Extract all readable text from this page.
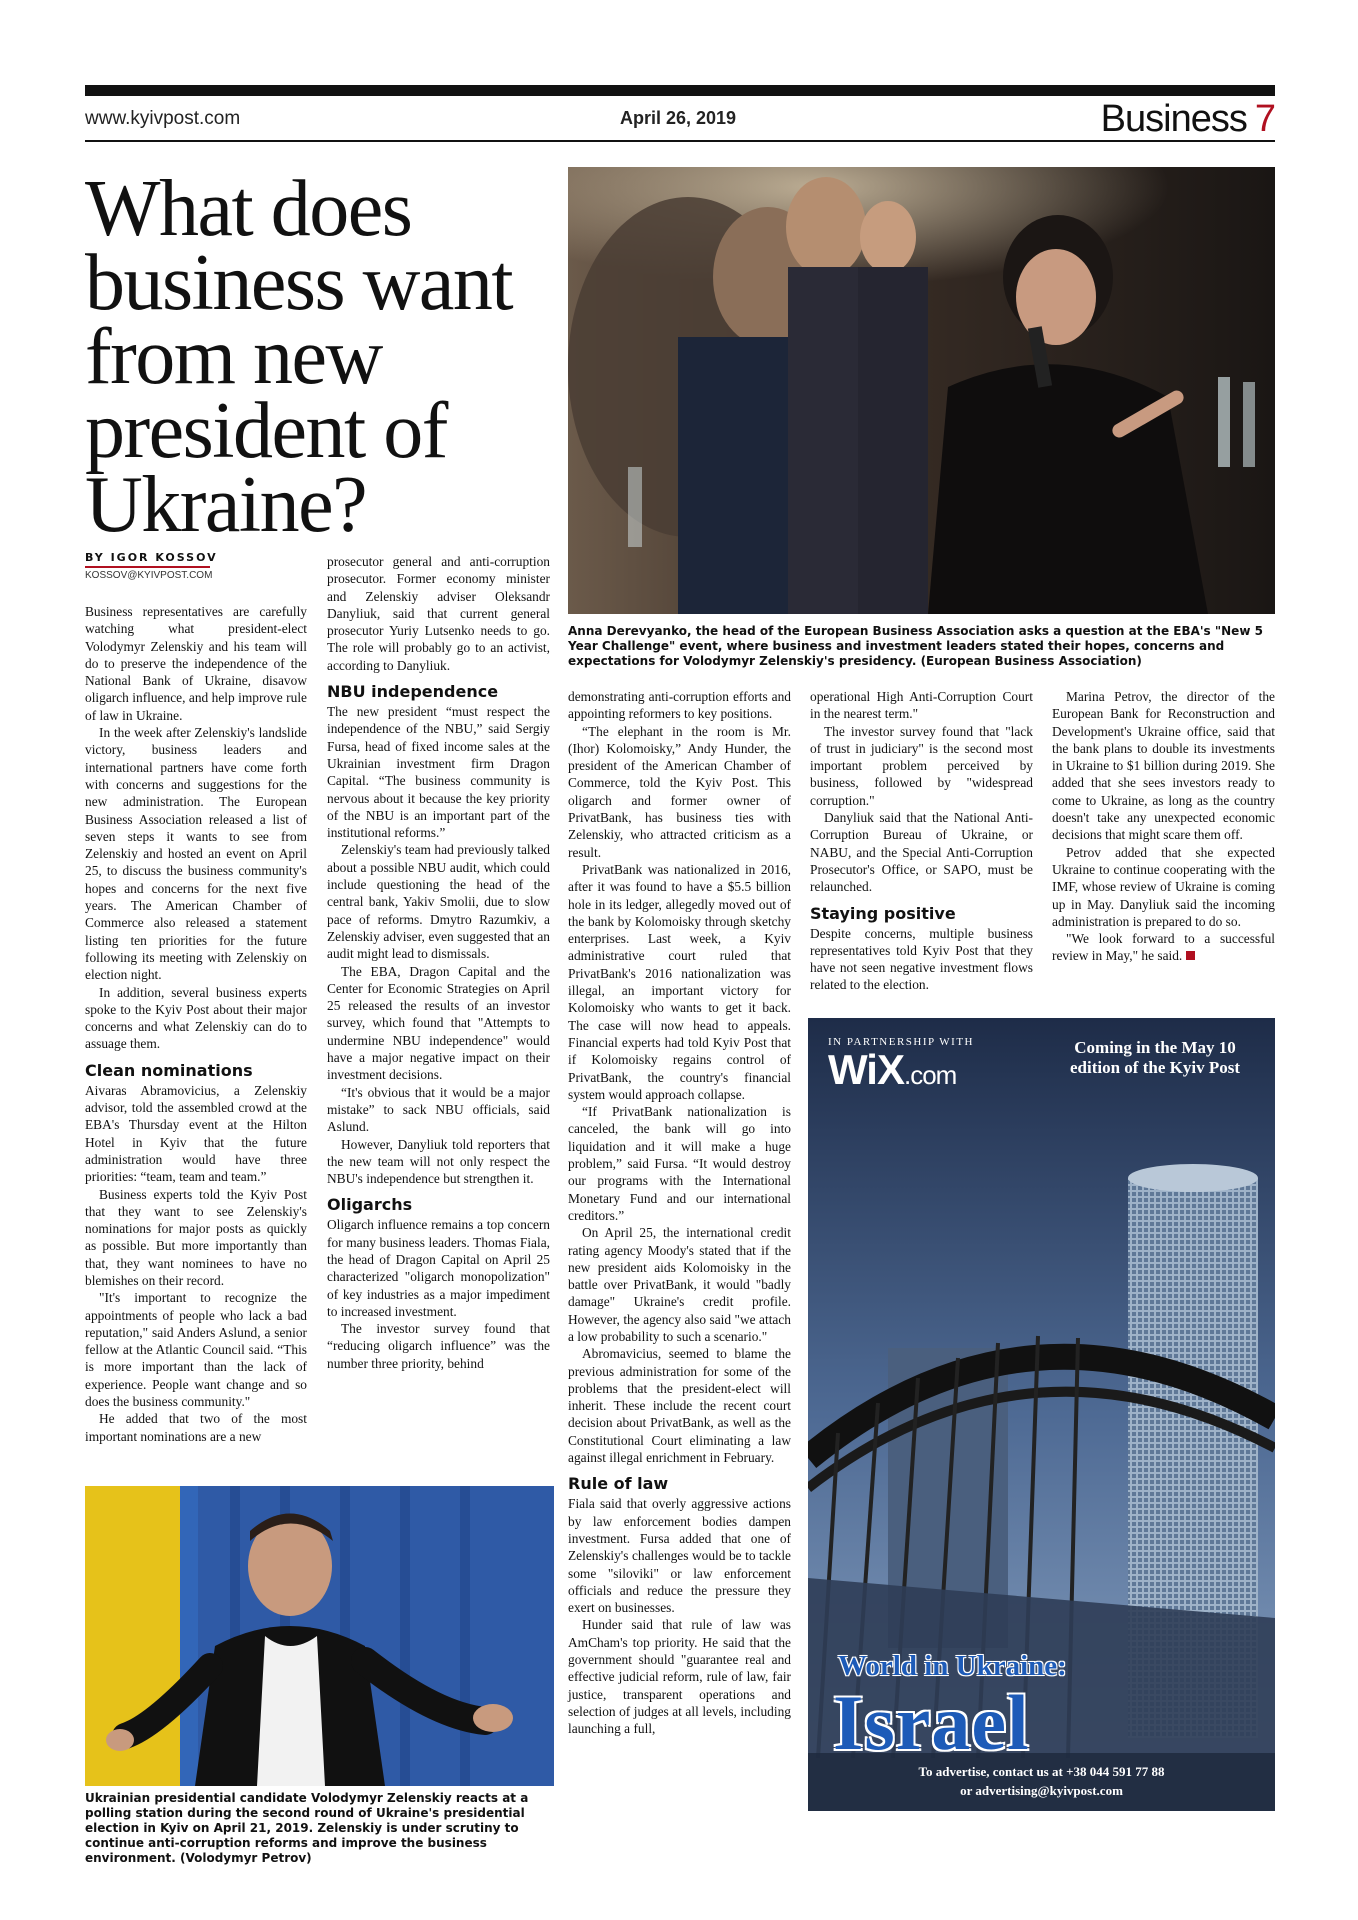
www.kyivpost.com	April 26, 2019	Business 7
What does business want from new president of Ukraine?
Anna Derevyanko, the head of the European Business Association asks a question at the EBA's "New 5 Year Challenge" event, where business and investment leaders stated their hopes, concerns and expectations for Volodymyr Zelenskiy's presidency. (European Business Association)
BY IGOR KOSSOV
KOSSOV@KYIVPOST.COM

Business representatives are carefully watching what president-elect Volodymyr Zelenskiy and his team will do to preserve the independence of the National Bank of Ukraine, disavow oligarch influence, and help improve rule of law in Ukraine.

In the week after Zelenskiy's landslide victory, business leaders and international partners have come forth with concerns and suggestions for the new administration. The European Business Association released a list of seven steps it wants to see from Zelenskiy and hosted an event on April 25, to discuss the business community's hopes and concerns for the next five years. The American Chamber of Commerce also released a statement listing ten priorities for the future following its meeting with Zelenskiy on election night.

In addition, several business experts spoke to the Kyiv Post about their major concerns and what Zelenskiy can do to assuage them.

Clean nominations

Aivaras Abramovicius, a Zelenskiy advisor, told the assembled crowd at the EBA's Thursday event at the Hilton Hotel in Kyiv that the future administration would have three priorities: “team, team and team.”

Business experts told the Kyiv Post that they want to see Zelenskiy's nominations for major posts as quickly as possible. But more importantly than that, they want nominees to have no blemishes on their record.

"It's important to recognize the appointments of people who lack a bad reputation," said Anders Aslund, a senior fellow at the Atlantic Council said. “This is more important than the lack of experience. People want change and so does the business community."

He added that two of the most important nominations are a new

prosecutor general and anti-corruption prosecutor. Former economy minister and Zelenskiy adviser Oleksandr Danyliuk, said that current general prosecutor Yuriy Lutsenko needs to go. The role will probably go to an activist, according to Danyliuk.

NBU independence

The new president “must respect the independence of the NBU,” said Sergiy Fursa, head of fixed income sales at the Ukrainian investment firm Dragon Capital. “The business community is nervous about it because the key priority of the NBU is an important part of the institutional reforms.”

Zelenskiy's team had previously talked about a possible NBU audit, which could include questioning the head of the central bank, Yakiv Smolii, due to slow pace of reforms. Dmytro Razumkiv, a Zelenskiy adviser, even suggested that an audit might lead to dismissals.

The EBA, Dragon Capital and the Center for Economic Strategies on April 25 released the results of an investor survey, which found that "Attempts to undermine NBU independence" would have a major negative impact on their investment decisions.

“It's obvious that it would be a major mistake” to sack NBU officials, said Aslund.

However, Danyliuk told reporters that the new team will not only respect the NBU's independence but strengthen it.

Oligarchs

Oligarch influence remains a top concern for many business leaders. Thomas Fiala, the head of Dragon Capital on April 25 characterized "oligarch monopolization" of key industries as a major impediment to increased investment.

The investor survey found that “reducing oligarch influence” was the number three priority, behind

Ukrainian presidential candidate Volodymyr Zelenskiy reacts at a polling station during the second round of Ukraine's presidential election in Kyiv on April 21, 2019. Zelenskiy is under scrutiny to continue anti-corruption reforms and improve the business environment. (Volodymyr Petrov)

demonstrating anti-corruption efforts and appointing reformers to key positions.

“The elephant in the room is Mr. (Ihor) Kolomoisky,” Andy Hunder, the president of the American Chamber of Commerce, told the Kyiv Post. This oligarch and former owner of PrivatBank, has business ties with Zelenskiy, who attracted criticism as a result.

PrivatBank was nationalized in 2016, after it was found to have a $5.5 billion hole in its ledger, allegedly moved out of the bank by Kolomoisky through sketchy enterprises. Last week, a Kyiv administrative court ruled that PrivatBank's 2016 nationalization was illegal, an important victory for Kolomoisky who wants to get it back. The case will now head to appeals. Financial experts had told Kyiv Post that if Kolomoisky regains control of PrivatBank, the country's financial system would approach collapse.

“If PrivatBank nationalization is canceled, the bank will go into liquidation and it will make a huge problem,” said Fursa. “It would destroy our programs with the International Monetary Fund and our international creditors.”

On April 25, the international credit rating agency Moody's stated that if the new president aids Kolomoisky in the battle over PrivatBank, it would "badly damage" Ukraine's credit profile. However, the agency also said "we attach a low probability to such a scenario."

Abromavicius, seemed to blame the previous administration for some of the problems that the president-elect will inherit. These include the recent court decision about PrivatBank, as well as the Constitutional Court eliminating a law against illegal enrichment in February.

Rule of law

Fiala said that overly aggressive actions by law enforcement bodies dampen investment. Fursa added that one of Zelenskiy's challenges would be to tackle some "siloviki" or law enforcement officials and reduce the pressure they exert on businesses.

Hunder said that rule of law was AmCham's top priority. He said that the government should "guarantee real and effective judicial reform, rule of law, fair justice, transparent operations and selection of judges at all levels, including launching a full,

operational High Anti-Corruption Court in the nearest term."

The investor survey found that "lack of trust in judiciary" is the second most important problem perceived by business, followed by "widespread corruption."

Danyliuk said that the National Anti-Corruption Bureau of Ukraine, or NABU, and the Special Anti-Corruption Prosecutor's Office, or SAPO, must be relaunched.

Staying positive

Despite concerns, multiple business representatives told Kyiv Post that they have not seen negative investment flows related to the election.

Marina Petrov, the director of the European Bank for Reconstruction and Development's Ukraine office, said that the bank plans to double its investments in Ukraine to $1 billion during 2019. She added that she sees investors ready to come to Ukraine, as long as the country doesn't take any unexpected economic decisions that might scare them off.

Petrov added that she expected Ukraine to continue cooperating with the IMF, whose review of Ukraine is coming up in May. Danyliuk said the incoming administration is prepared to do so.

"We look forward to a successful review in May," he said.

IN PARTNERSHIP WITH
WiX.com
Coming in the May 10 edition of the Kyiv Post
World in Ukraine:
Israel
To advertise, contact us at +38 044 591 77 88
or advertising@kyivpost.com
